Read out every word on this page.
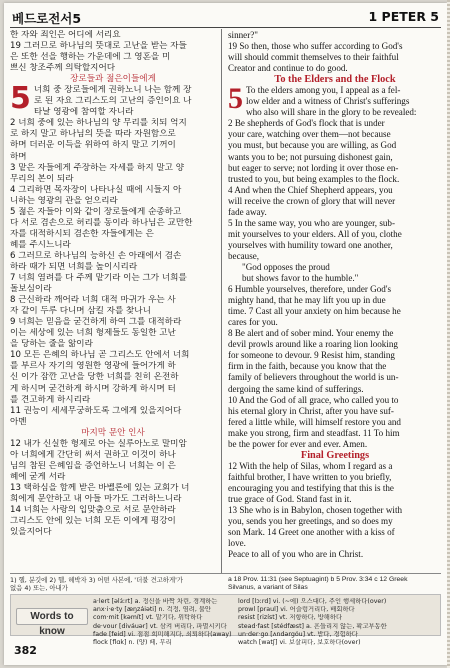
베드로전서5	1 PETER 5
한 자와 죄인은 어디에 서리요
19 그러므로 하나님의 뜻대로 고난을 받는 자들
은 또한 선을 행하는 가운데에 그 영혼을 미
쁘신 창조주께 의탁할지어다
장로들과 젊은이들에게
5 너희 중 장로들에게 권하노니 나는 함께 장
로 된 자요 그리스도의 고난의 증인이요 나
타날 영광에 참여할 자니라
2 너희 중에 있는 하나님의 양 무리를 치되 억지
로 하지 말고 하나님의 뜻을 따라 자원함으로
하며 더러운 이득을 위하여 하지 말고 기꺼이
하며
3 맡은 자들에게 주장하는 자세를 하지 말고 양
무리의 본이 되라
4 그리하면 목자장이 나타나실 때에 시들지 아
니하는 영광의 관을 얻으리라
5 젊은 자들아 이와 같이 장로들에게 순종하고
다 서로 겸손으로 허리를 동이라 하나님은 교만한
자를 대적하시되 겸손한 자들에게는 은
혜를 주시느니라
6 그러므로 하나님의 능하신 손 아래에서 겸손
하라 때가 되면 너희를 높이시리라
7 너희 염려를 다 주께 맡기라 이는 그가 너희를
돌보심이라
8 근신하라 깨어라 너희 대적 마귀가 우는 사
자 같이 두루 다니며 삼킬 자를 찾나니
9 너희는 믿음을 굳건하게 하여 그를 대적하라
이는 세상에 있는 너희 형제들도 동일한 고난
을 당하는 줄을 앎이라
10 모든 은혜의 하나님 곧 그리스도 안에서 너희
를 부르사 자기의 영원한 영광에 들어가게 하
신 이가 잠깐 고난을 당한 너희를 친히 온전하
게 하시며 굳건하게 하시며 강하게 하시며 터
를 견고하게 하시리라
11 권능이 세세무궁하도록 그에게 있을지어다
아멘
마지막 문안 인사
12 내가 신실한 형제로 아는 실루아노로 말미암
아 너희에게 간단히 써서 권하고 이것이 하나
님의 참된 은혜임을 증언하노니 너희는 이 은
혜에 굳게 서라
13 택하심을 함께 받은 바벨론에 있는 교회가 너
희에게 문안하고 내 아들 마가도 그러하느니라
14 너희는 사랑의 입맞춤으로 서로 문안하라
그리스도 안에 있는 너희 모든 이에게 평강이
있을지어다
sinner?"
19 So then, those who suffer according to God's
will should commit themselves to their faithful
Creator and continue to do good.
To the Elders and the Flock
5 To the elders among you, I appeal as a fel-
low elder and a witness of Christ's sufferings
who also will share in the glory to be revealed:
2 Be shepherds of God's flock that is under
your care, watching over them—not because
you must, but because you are willing, as God
wants you to be; not pursuing dishonest gain,
but eager to serve; not lording it over those en-
trusted to you, but being examples to the flock.
4 And when the Chief Shepherd appears, you
will receive the crown of glory that will never
fade away.
5 In the same way, you who are younger, sub-
mit yourselves to your elders. All of you, clothe
yourselves with humility toward one another,
because,
"God opposes the proud
but shows favor to the humble."
6 Humble yourselves, therefore, under God's
mighty hand, that he may lift you up in due
time. 7 Cast all your anxiety on him because he
cares for you.
8 Be alert and of sober mind. Your enemy the
devil prowls around like a roaring lion looking
for someone to devour. 9 Resist him, standing
firm in the faith, because you know that the
family of believers throughout the world is un-
dergoing the same kind of sufferings.
10 And the God of all grace, who called you to
his eternal glory in Christ, after you have suf-
fered a little while, will himself restore you and
make you strong, firm and steadfast. 11 To him
be the power for ever and ever. Amen.
Final Greetings
12 With the help of Silas, whom I regard as a
faithful brother, I have written to you briefly,
encouraging you and testifying that this is the
true grace of God. Stand fast in it.
13 She who is in Babylon, chosen together with
you, sends you her greetings, and so does my
son Mark. 14 Greet one another with a kiss of
love.
Peace to all of you who are in Christ.
1) 헬, 분깃에 2) 헬, 헤박자 3) 어떤 사본에, '더불 견고하게'가
없음 4) 또는, 아내가
a 18 Prov. 11:31 (see Septuagint) b 5 Prov. 3:34 c 12 Greek
Silvanus, a variant of Silas
Words to know
a·lert [əlɜ́ːrt] a. 정신을 바짝 차린, 경계하는
anx·i·e·ty [æŋzáiəti] n. 걱정, 염려, 불안
com·mit [kəmít] vt. 맡기다, 위탁하다
de·vour [diváuər] vt. 삼켜 버리다, 파멸시키다
fade [feid] vi. 점점 희미해지다, 쇠퇴하다(away)
flock [flɑk] n. (양) 떼, 무리
lord [lɔːrd] vi. (~에) 으스대다, 주인 행세하다(over)
prowl [praul] vi. 어슬렁거리다, 배회하다
resist [rizíst] vt. 저항하다, 방해하다
stead·fast [stédfæst] a. 흔들리지 않는, 확고부동한
un·der·go [ʌndərgóu] vt. 받다, 경험하다
watch [watʃ] vi. 보살피다, 보호하다(over)
382
